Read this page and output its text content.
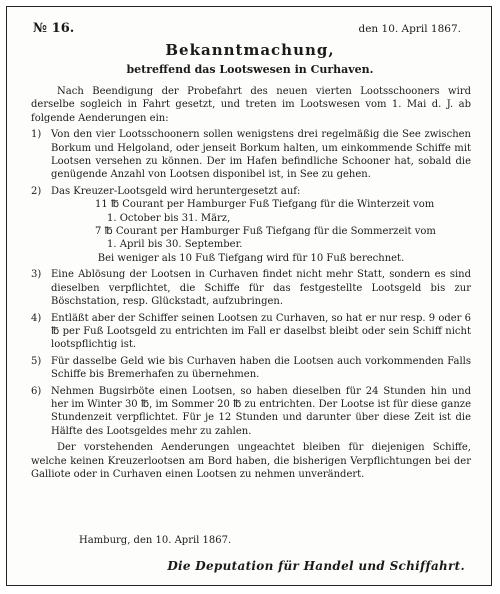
№ 16.	den 10. April 1867.
Bekanntmachung,
betreffend das Lootswesen in Curhaven.

Nach Beendigung der Probefahrt des neuen vierten Lootsschooners wird derselbe sogleich in Fahrt gesetzt, und treten im Lootswesen vom 1. Mai d. J. ab folgende Aenderungen ein:

1) Von den vier Lootsschoonern sollen wenigstens drei regelmäßig die See zwischen Borkum und Helgoland, oder jenseit Borkum halten, um einkommende Schiffe mit Lootsen versehen zu können. Der im Hafen befindliche Schooner hat, sobald die genügende Anzahl von Lootsen disponibel ist, in See zu gehen.
2) Das Kreuzer-Lootsgeld wird heruntergesetzt auf:
11 ℔ Courant per Hamburger Fuß Tiefgang für die Winterzeit vom
1. October bis 31. März,
7 ℔ Courant per Hamburger Fuß Tiefgang für die Sommerzeit vom
1. April bis 30. September.
Bei weniger als 10 Fuß Tiefgang wird für 10 Fuß berechnet.
3) Eine Ablösung der Lootsen in Curhaven findet nicht mehr Statt, sondern es sind dieselben verpflichtet, die Schiffe für das festgestellte Lootsgeld bis zur Böschstation, resp. Glückstadt, aufzubringen.
4) Entläßt aber der Schiffer seinen Lootsen zu Curhaven, so hat er nur resp. 9 oder 6 ℔ per Fuß Lootsgeld zu entrichten im Fall er daselbst bleibt oder sein Schiff nicht lootspflichtig ist.
5) Für dasselbe Geld wie bis Curhaven haben die Lootsen auch vorkommenden Falls Schiffe bis Bremerhafen zu übernehmen.
6) Nehmen Bugsirböte einen Lootsen, so haben dieselben für 24 Stunden hin und her im Winter 30 ℔, im Sommer 20 ℔ zu entrichten. Der Lootse ist für diese ganze Stundenzeit verpflichtet. Für je 12 Stunden und darunter über diese Zeit ist die Hälfte des Lootsgeldes mehr zu zahlen.

Der vorstehenden Aenderungen ungeachtet bleiben für diejenigen Schiffe, welche keinen Kreuzerlootsen am Bord haben, die bisherigen Verpflichtungen bei der Galliote oder in Curhaven einen Lootsen zu nehmen unverändert.

Hamburg, den 10. April 1867.
Die Deputation für Handel und Schiffahrt.
